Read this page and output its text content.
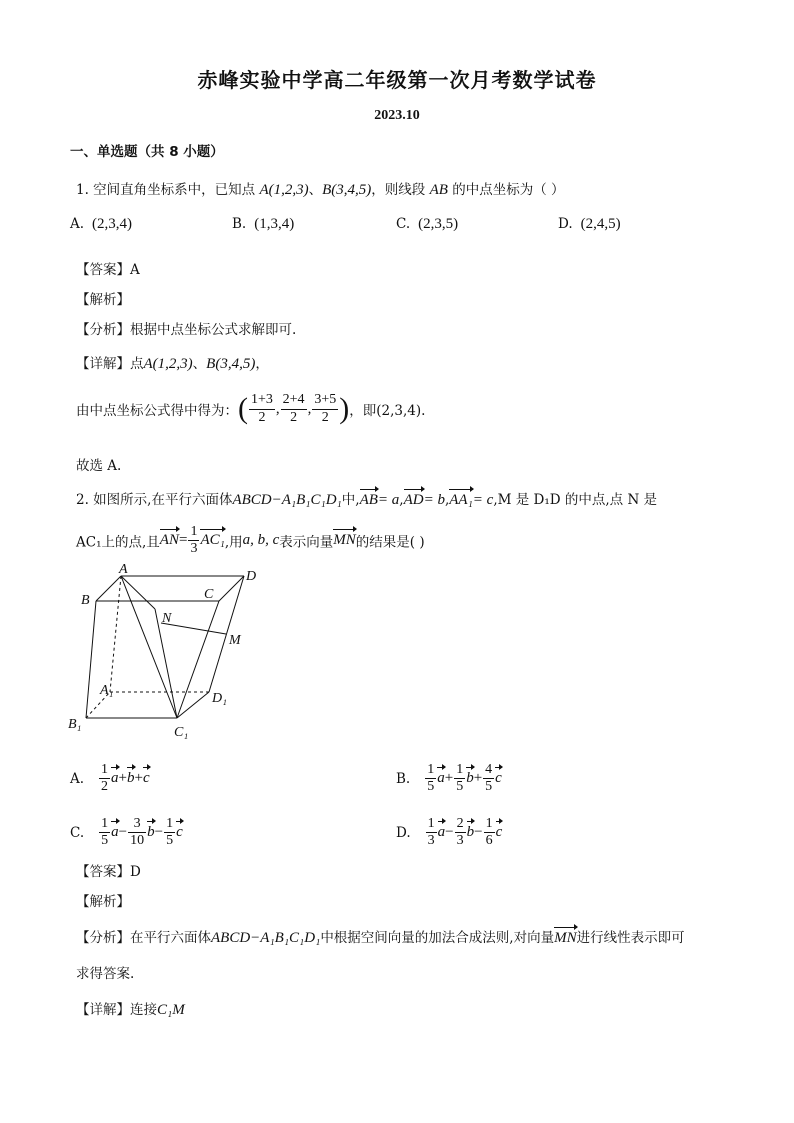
赤峰实验中学高二年级第一次月考数学试卷
2023.10
一、单选题（共 8 小题）
1. 空间直角坐标系中，已知点 A(1,2,3)、B(3,4,5)，则线段 AB 的中点坐标为（ ）
A. (2,3,4)	B. (1,3,4)	C. (2,3,5)	D. (2,4,5)
【答案】A
【解析】
【分析】根据中点坐标公式求解即可.
【详解】点A(1,2,3)、B(3,4,5)，
由中点坐标公式得中得为：( $\frac{1+3}{2}$ , $\frac{2+4}{2}$ , $\frac{3+5}{2}$ )，即(2,3,4).
故选 A.
2. 如图所示,在平行六面体ABCD−A₁B₁C₁D₁中,AB= a,AD= b,AA₁= c,M 是 D₁D 的中点,点 N 是
AC₁上的点,且$AN= \frac{1}{3} AC_1$,用a, b, c表示向量MN的结果是( )
A	D
B	C
N
M
A₁
D₁
B₁
C₁
A. $\frac{1}{2} a+b+c$	B. $\frac{1}{5} a+ \frac{1}{5} b+ \frac{4}{5}$ c
C. $\frac{1}{5} a- \frac{3}{10} b- \frac{1}{5}$ c	D. $\frac{1}{3} a- \frac{2}{3} b- \frac{1}{6}$ c
【答案】D
【解析】
【分析】在平行六面体ABCD−A₁B₁C₁D₁中根据空间向量的加法合成法则,对向量MN进行线性表示即可
求得答案.
【详解】连接C₁M
